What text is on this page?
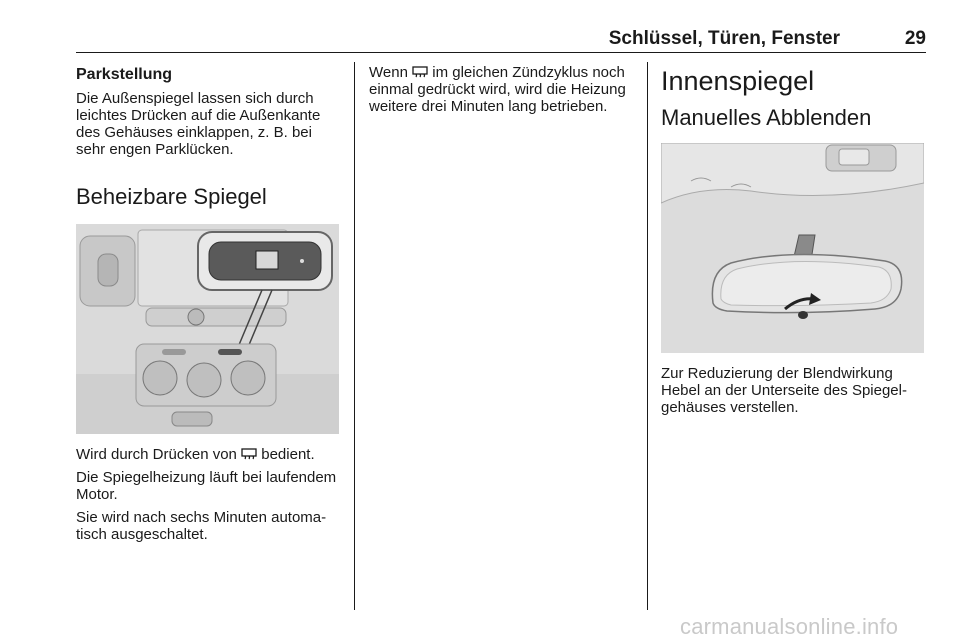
Schlüssel, Türen, Fenster	29
Parkstellung

Die Außenspiegel lassen sich durch leichtes Drücken auf die Außenkante des Gehäuses einklappen, z. B. bei sehr engen Parklücken.

Beheizbare Spiegel

Wird durch Drücken von bedient.

Die Spiegelheizung läuft bei laufendem Motor.

Sie wird nach sechs Minuten automatisch ausgeschaltet.

Wenn im gleichen Zündzyklus noch einmal gedrückt wird, wird die Heizung weitere drei Minuten lang betrieben.

Innenspiegel
Manuelles Abblenden

Zur Reduzierung der Blendwirkung Hebel an der Unterseite des Spiegelgehäuses verstellen.

carmanualsonline.info
